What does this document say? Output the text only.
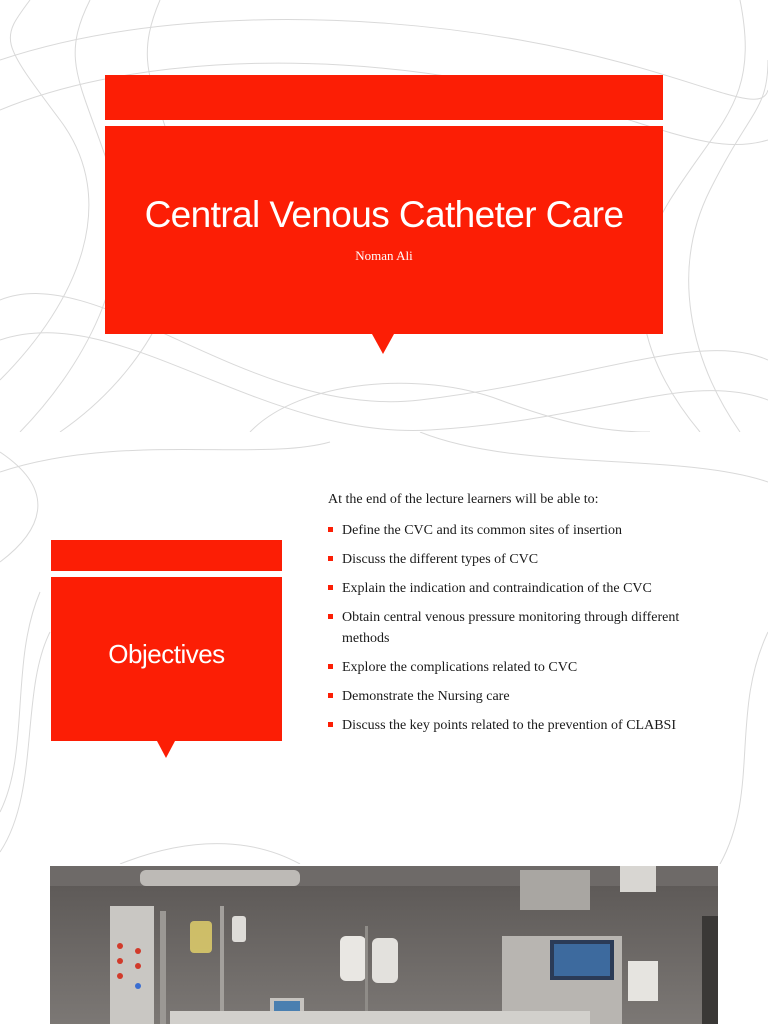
Central Venous Catheter Care
Noman Ali
Objectives

At the end of the lecture learners will be able to:

Define the CVC and its common sites of insertion
Discuss the different types of CVC
Explain the indication and contraindication of the CVC
Obtain central venous pressure monitoring through different methods
Explore the complications related to CVC
Demonstrate the Nursing care
Discuss the key points related to the prevention of CLABSI
